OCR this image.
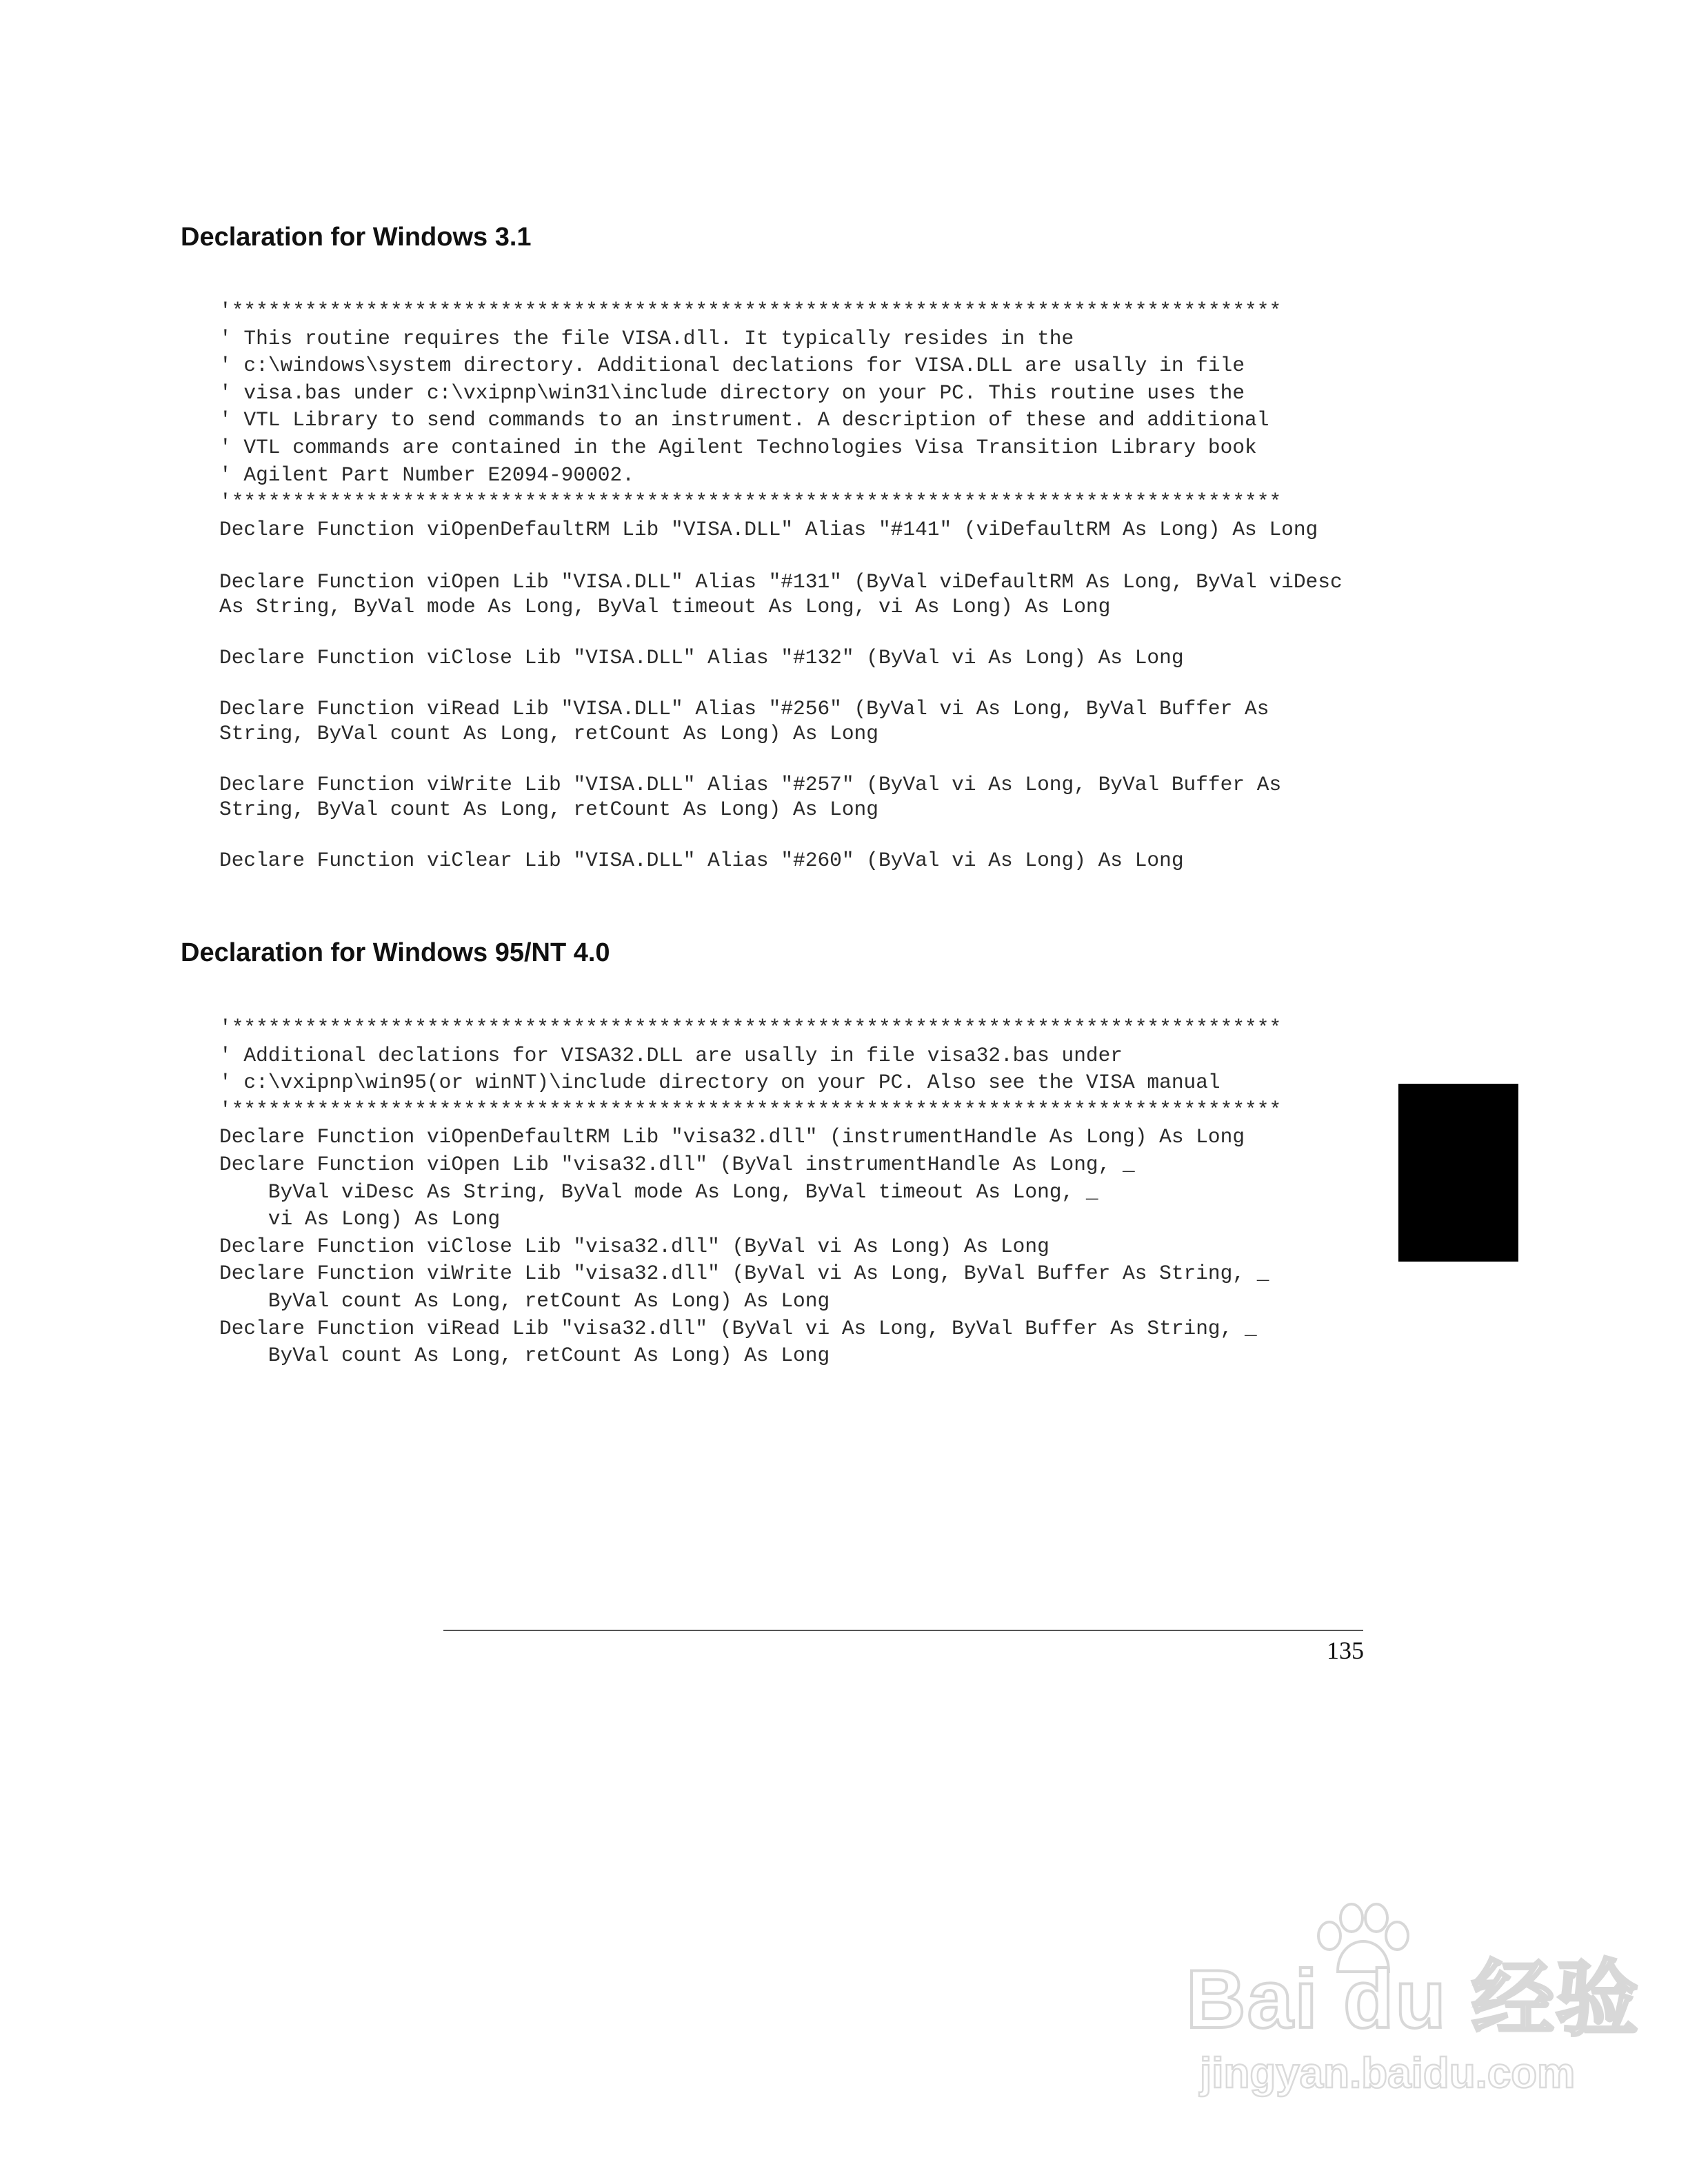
Declaration for Windows 3.1
'**************************************************************************************
' This routine requires the file VISA.dll. It typically resides in the
' c:\windows\system directory. Additional declations for VISA.DLL are usally in file
' visa.bas under c:\vxipnp\win31\include directory on your PC. This routine uses the
' VTL Library to send commands to an instrument. A description of these and additional
' VTL commands are contained in the Agilent Technologies Visa Transition Library book
' Agilent Part Number E2094-90002.
'**************************************************************************************
Declare Function viOpenDefaultRM Lib "VISA.DLL" Alias "#141" (viDefaultRM As Long) As Long
Declare Function viOpen Lib "VISA.DLL" Alias "#131" (ByVal viDefaultRM As Long, ByVal viDesc
As String, ByVal mode As Long, ByVal timeout As Long, vi As Long) As Long
Declare Function viClose Lib "VISA.DLL" Alias "#132" (ByVal vi As Long) As Long
Declare Function viRead Lib "VISA.DLL" Alias "#256" (ByVal vi As Long, ByVal Buffer As
String, ByVal count As Long, retCount As Long) As Long
Declare Function viWrite Lib "VISA.DLL" Alias "#257" (ByVal vi As Long, ByVal Buffer As
String, ByVal count As Long, retCount As Long) As Long
Declare Function viClear Lib "VISA.DLL" Alias "#260" (ByVal vi As Long) As Long
Declaration for Windows 95/NT 4.0
'**************************************************************************************
' Additional declations for VISA32.DLL are usally in file visa32.bas under
' c:\vxipnp\win95(or winNT)\include directory on your PC. Also see the VISA manual
'**************************************************************************************
Declare Function viOpenDefaultRM Lib "visa32.dll" (instrumentHandle As Long) As Long
Declare Function viOpen Lib "visa32.dll" (ByVal instrumentHandle As Long, _
ByVal viDesc As String, ByVal mode As Long, ByVal timeout As Long, _
vi As Long) As Long
Declare Function viClose Lib "visa32.dll" (ByVal vi As Long) As Long
Declare Function viWrite Lib "visa32.dll" (ByVal vi As Long, ByVal Buffer As String, _
ByVal count As Long, retCount As Long) As Long
Declare Function viRead Lib "visa32.dll" (ByVal vi As Long, ByVal Buffer As String, _
ByVal count As Long, retCount As Long) As Long
135
Bai du 经验
jingyan.baidu.com
